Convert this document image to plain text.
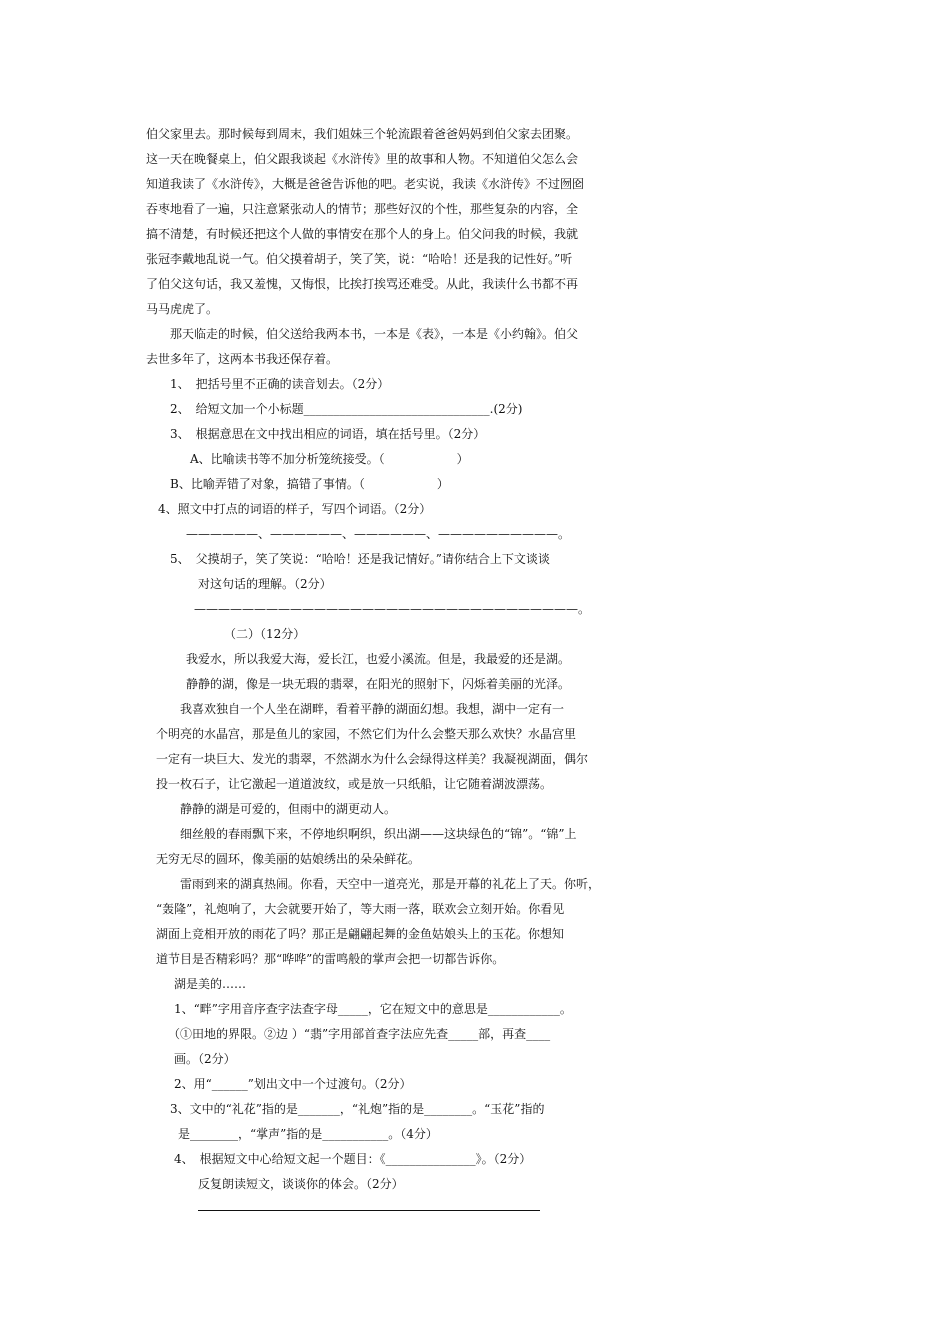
伯父家里去。那时候每到周末，我们姐妹三个轮流跟着爸爸妈妈到伯父家去团聚。
这一天在晚餐桌上，伯父跟我谈起《水浒传》里的故事和人物。不知道伯父怎么会
知道我读了《水浒传》，大概是爸爸告诉他的吧。老实说，我读《水浒传》不过囫囵
吞枣地看了一遍，只注意紧张动人的情节；那些好汉的个性，那些复杂的内容，全
搞不清楚，有时候还把这个人做的事情安在那个人的身上。伯父问我的时候，我就
张冠李戴地乱说一气。伯父摸着胡子，笑了笑，说：“哈哈！还是我的记性好。”听
了伯父这句话，我又羞愧，又悔恨，比挨打挨骂还难受。从此，我读什么书都不再
马马虎虎了。
那天临走的时候，伯父送给我两本书，一本是《表》，一本是《小约翰》。伯父
去世多年了，这两本书我还保存着。
1、　把括号里不正确的读音划去。（2分）
2、　给短文加一个小标题_______________________________.(2分)
3、　根据意思在文中找出相应的词语，填在括号里。（2分）
A、比喻读书等不加分析笼统接受。（　　　　　　）
B、比喻弄错了对象，搞错了事情。（　　　　　　）
4、照文中打点的词语的样子，写四个词语。（2分）
——————、——————、——————、——————————。
5、　父摸胡子，笑了笑说：“哈哈！还是我记情好。”请你结合上下文谈谈
对这句话的理解。（2分）
————————————————————————————————。
（二）（12分）
我爱水，所以我爱大海，爱长江，也爱小溪流。但是，我最爱的还是湖。
静静的湖，像是一块无瑕的翡翠，在阳光的照射下，闪烁着美丽的光泽。
我喜欢独自一个人坐在湖畔，看着平静的湖面幻想。我想，湖中一定有一
个明亮的水晶宫，那是鱼儿的家园，不然它们为什么会整天那么欢快？水晶宫里
一定有一块巨大、发光的翡翠，不然湖水为什么会绿得这样美？我凝视湖面，偶尔
投一枚石子，让它激起一道道波纹，或是放一只纸船，让它随着湖波漂荡。
静静的湖是可爱的，但雨中的湖更动人。
细丝般的春雨飘下来，不停地织啊织，织出湖——这块绿色的“锦”。“锦”上
无穷无尽的圆环，像美丽的姑娘绣出的朵朵鲜花。
雷雨到来的湖真热闹。你看，天空中一道亮光，那是开幕的礼花上了天。你听，
“轰隆”，礼炮响了，大会就要开始了，等大雨一落，联欢会立刻开始。你看见
湖面上竞相开放的雨花了吗？那正是翩翩起舞的金鱼姑娘头上的玉花。你想知
道节目是否精彩吗？那“哗哗”的雷鸣般的掌声会把一切都告诉你。
湖是美的……
1、“畔”字用音序查字法查字母_____，它在短文中的意思是____________。
（①田地的界限。②边 ）“翡”字用部首查字法应先查_____部，再查____
画。（2分）
2、用“______”划出文中一个过渡句。（2分）
3、文中的“礼花”指的是_______，“礼炮”指的是________。“玉花”指的
是________，“掌声”指的是___________。（4分）
4、　根据短文中心给短文起一个题目：《_______________》。（2分）
反复朗读短文，谈谈你的体会。（2分）
